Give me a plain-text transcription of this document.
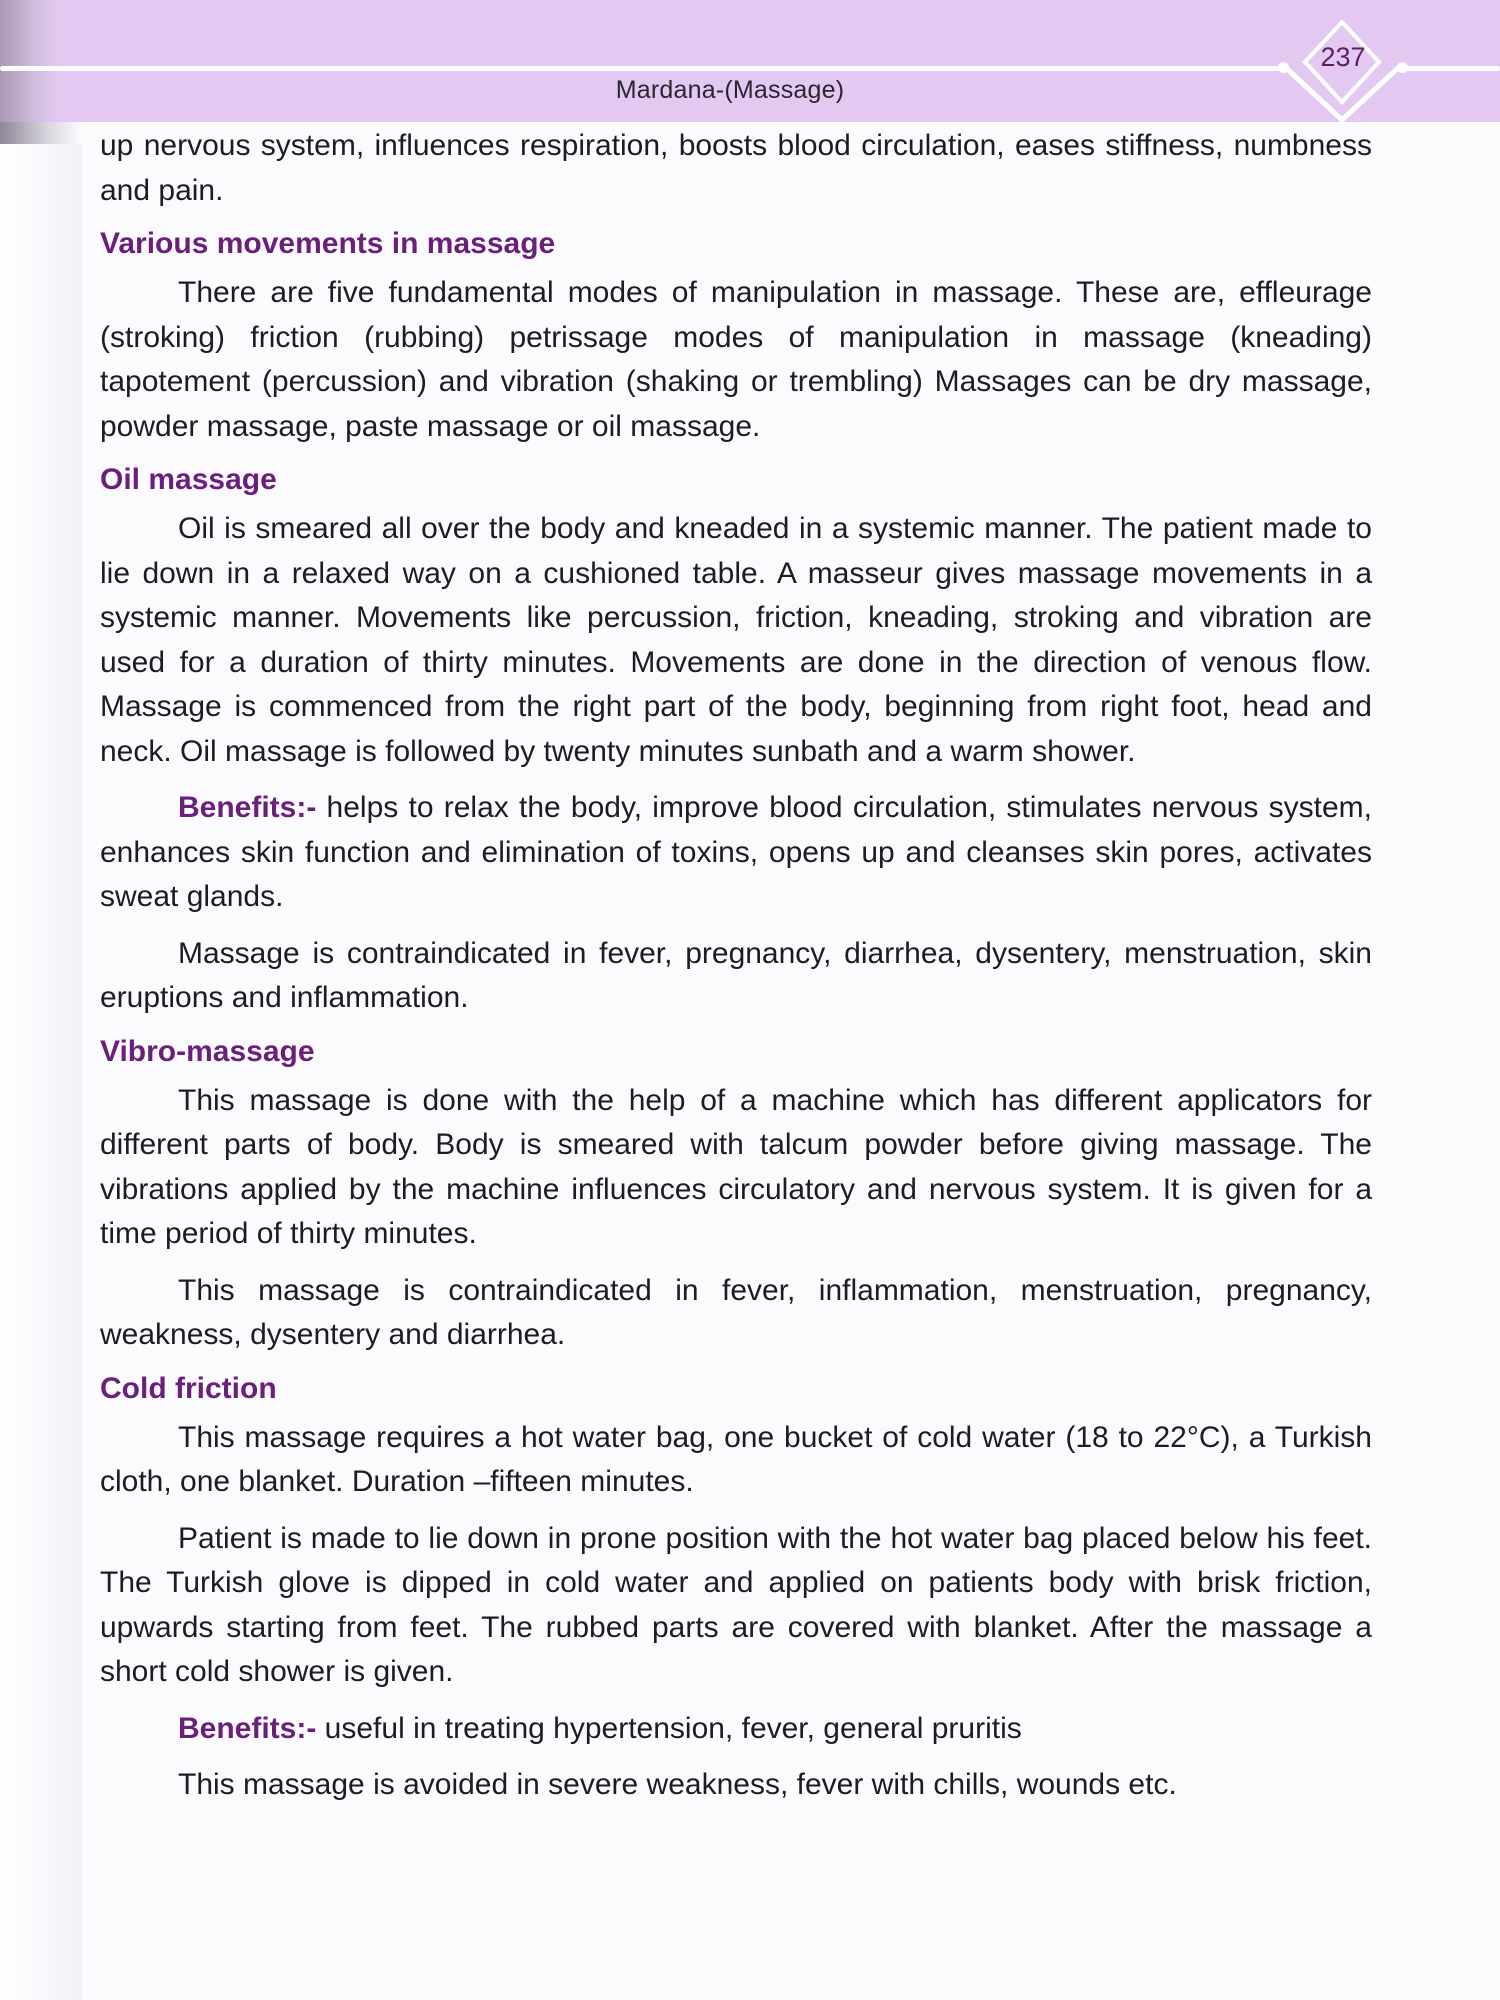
237
Mardana-(Massage)

up nervous system, influences respiration, boosts blood circulation, eases stiffness, numbness and pain.

Various movements in massage

There are five fundamental modes of manipulation in massage. These are, effleurage (stroking) friction (rubbing) petrissage modes of manipulation in massage (kneading) tapotement (percussion) and vibration (shaking or trembling) Massages can be dry massage, powder massage, paste massage or oil massage.

Oil massage

Oil is smeared all over the body and kneaded in a systemic manner. The patient made to lie down in a relaxed way on a cushioned table. A masseur gives massage movements in a systemic manner. Movements like percussion, friction, kneading, stroking and vibration are used for a duration of thirty minutes. Movements are done in the direction of venous flow. Massage is commenced from the right part of the body, beginning from right foot, head and neck. Oil massage is followed by twenty minutes sunbath and a warm shower.

Benefits:- helps to relax the body, improve blood circulation, stimulates nervous system, enhances skin function and elimination of toxins, opens up and cleanses skin pores, activates sweat glands.

Massage is contraindicated in fever, pregnancy, diarrhea, dysentery, menstruation, skin eruptions and inflammation.

Vibro-massage

This massage is done with the help of a machine which has different applicators for different parts of body. Body is smeared with talcum powder before giving massage. The vibrations applied by the machine influences circulatory and nervous system. It is given for a time period of thirty minutes.

This massage is contraindicated in fever, inflammation, menstruation, pregnancy, weakness, dysentery and diarrhea.

Cold friction

This massage requires a hot water bag, one bucket of cold water (18 to 22°C), a Turkish cloth, one blanket. Duration –fifteen minutes.

Patient is made to lie down in prone position with the hot water bag placed below his feet. The Turkish glove is dipped in cold water and applied on patients body with brisk friction, upwards starting from feet. The rubbed parts are covered with blanket. After the massage a short cold shower is given.

Benefits:- useful in treating hypertension, fever, general pruritis

This massage is avoided in severe weakness, fever with chills, wounds etc.
